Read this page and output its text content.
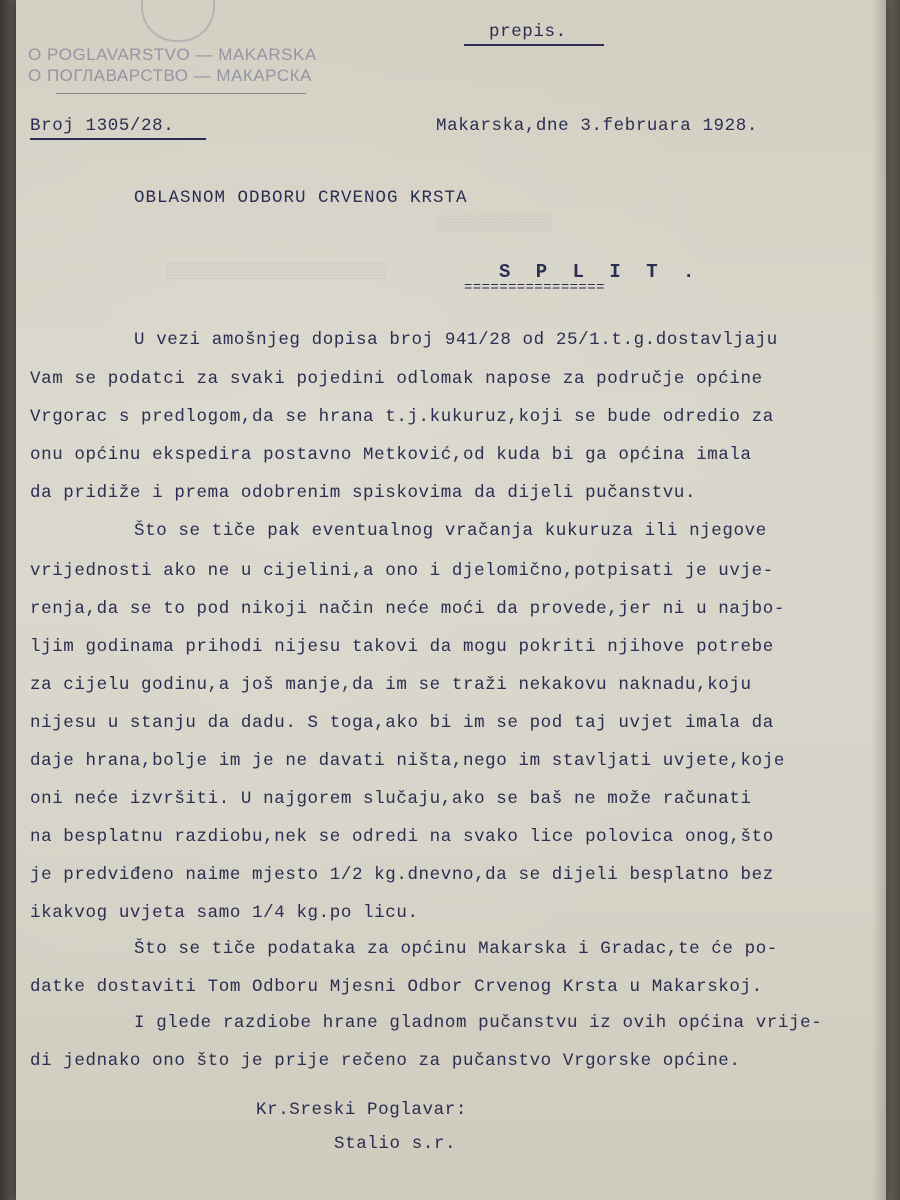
▒▒▒▒▒▒▒▒▒▒▒▒▒▒▒▒▒▒▒▒▒▒▒
▒▒▒▒▒▒▒▒▒▒▒▒
O POGLAVARSTVO — MAKARSKA
О ПОГЛАВАРСТВО — МАКАРСКА
prepis.
Broj 1305/28.	Makarska,dne 3.februara 1928.
OBLASNOM ODBORU CRVENOG KRSTA
S P L I T .
================
U vezi amošnjeg dopisa broj 941/28 od 25/1.t.g.dostavljaju
Vam se podatci za svaki pojedini odlomak napose za područje općine
Vrgorac s predlogom,da se hrana t.j.kukuruz,koji se bude odredio za
onu općinu ekspedira postavno Metković,od kuda bi ga općina imala
da pridiže i prema odobrenim spiskovima da dijeli pučanstvu.
Što se tiče pak eventualnog vračanja kukuruza ili njegove
vrijednosti ako ne u cijelini,a ono i djelomično,potpisati je uvje-
renja,da se to pod nikoji način neće moći da provede,jer ni u najbo-
ljim godinama prihodi nijesu takovi da mogu pokriti njihove potrebe
za cijelu godinu,a još manje,da im se traži nekakovu naknadu,koju
nijesu u stanju da dadu. S toga,ako bi im se pod taj uvjet imala da
daje hrana,bolje im je ne davati ništa,nego im stavljati uvjete,koje
oni neće izvršiti. U najgorem slučaju,ako se baš ne može računati
na besplatnu razdiobu,nek se odredi na svako lice polovica onog,što
je predviđeno naime mjesto 1/2 kg.dnevno,da se dijeli besplatno bez
ikakvog uvjeta samo 1/4 kg.po licu.
Što se tiče podataka za općinu Makarska i Gradac,te će po-
datke dostaviti Tom Odboru Mjesni Odbor Crvenog Krsta u Makarskoj.
I glede razdiobe hrane gladnom pučanstvu iz ovih općina vrije-
di jednako ono što je prije rečeno za pučanstvo Vrgorske općine.
Kr.Sreski Poglavar:
Stalio s.r.
